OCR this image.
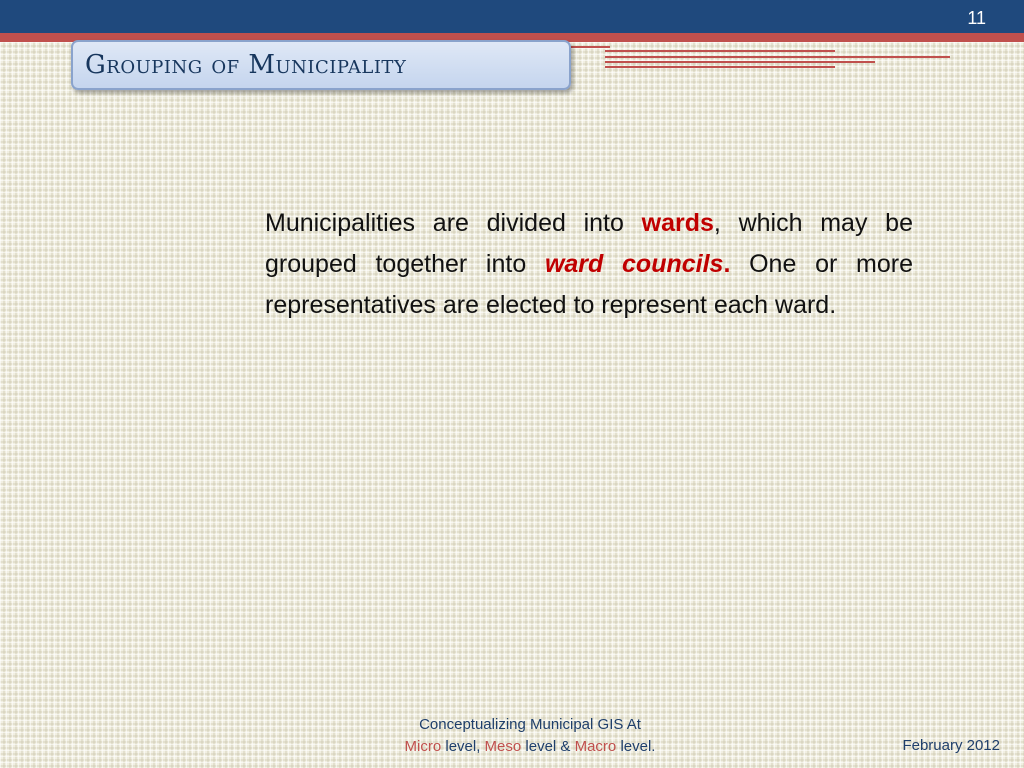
11
Grouping of Municipality
Municipalities are divided into wards, which may be grouped together into ward councils. One or more representatives are elected to represent each ward.
Conceptualizing Municipal GIS At
Micro level, Meso level & Macro level.	February 2012
